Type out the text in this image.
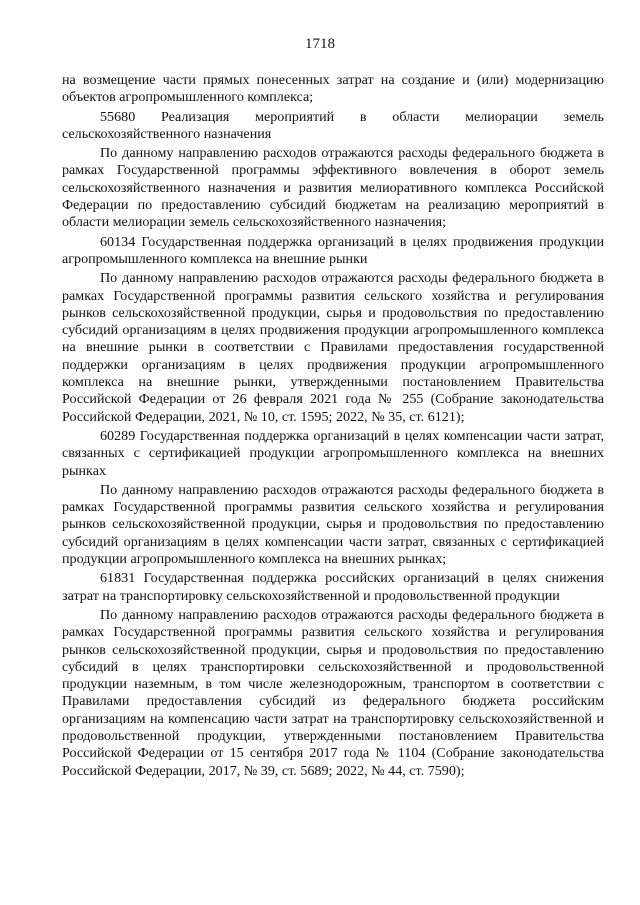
1718

на возмещение части прямых понесенных затрат на создание и (или) модернизацию объектов агропромышленного комплекса;

55680 Реализация мероприятий в области мелиорации земель сельскохозяйственного назначения

По данному направлению расходов отражаются расходы федерального бюджета в рамках Государственной программы эффективного вовлечения в оборот земель сельскохозяйственного назначения и развития мелиоративного комплекса Российской Федерации по предоставлению субсидий бюджетам на реализацию мероприятий в области мелиорации земель сельскохозяйственного назначения;

60134 Государственная поддержка организаций в целях продвижения продукции агропромышленного комплекса на внешние рынки

По данному направлению расходов отражаются расходы федерального бюджета в рамках Государственной программы развития сельского хозяйства и регулирования рынков сельскохозяйственной продукции, сырья и продовольствия по предоставлению субсидий организациям в целях продвижения продукции агропромышленного комплекса на внешние рынки в соответствии с Правилами предоставления государственной поддержки организациям в целях продвижения продукции агропромышленного комплекса на внешние рынки, утвержденными постановлением Правительства Российской Федерации от 26 февраля 2021 года № 255 (Собрание законодательства Российской Федерации, 2021, № 10, ст. 1595; 2022, № 35, ст. 6121);

60289 Государственная поддержка организаций в целях компенсации части затрат, связанных с сертификацией продукции агропромышленного комплекса на внешних рынках

По данному направлению расходов отражаются расходы федерального бюджета в рамках Государственной программы развития сельского хозяйства и регулирования рынков сельскохозяйственной продукции, сырья и продовольствия по предоставлению субсидий организациям в целях компенсации части затрат, связанных с сертификацией продукции агропромышленного комплекса на внешних рынках;

61831 Государственная поддержка российских организаций в целях снижения затрат на транспортировку сельскохозяйственной и продовольственной продукции

По данному направлению расходов отражаются расходы федерального бюджета в рамках Государственной программы развития сельского хозяйства и регулирования рынков сельскохозяйственной продукции, сырья и продовольствия по предоставлению субсидий в целях транспортировки сельскохозяйственной и продовольственной продукции наземным, в том числе железнодорожным, транспортом в соответствии с Правилами предоставления субсидий из федерального бюджета российским организациям на компенсацию части затрат на транспортировку сельскохозяйственной и продовольственной продукции, утвержденными постановлением Правительства Российской Федерации от 15 сентября 2017 года № 1104 (Собрание законодательства Российской Федерации, 2017, № 39, ст. 5689; 2022, № 44, ст. 7590);
